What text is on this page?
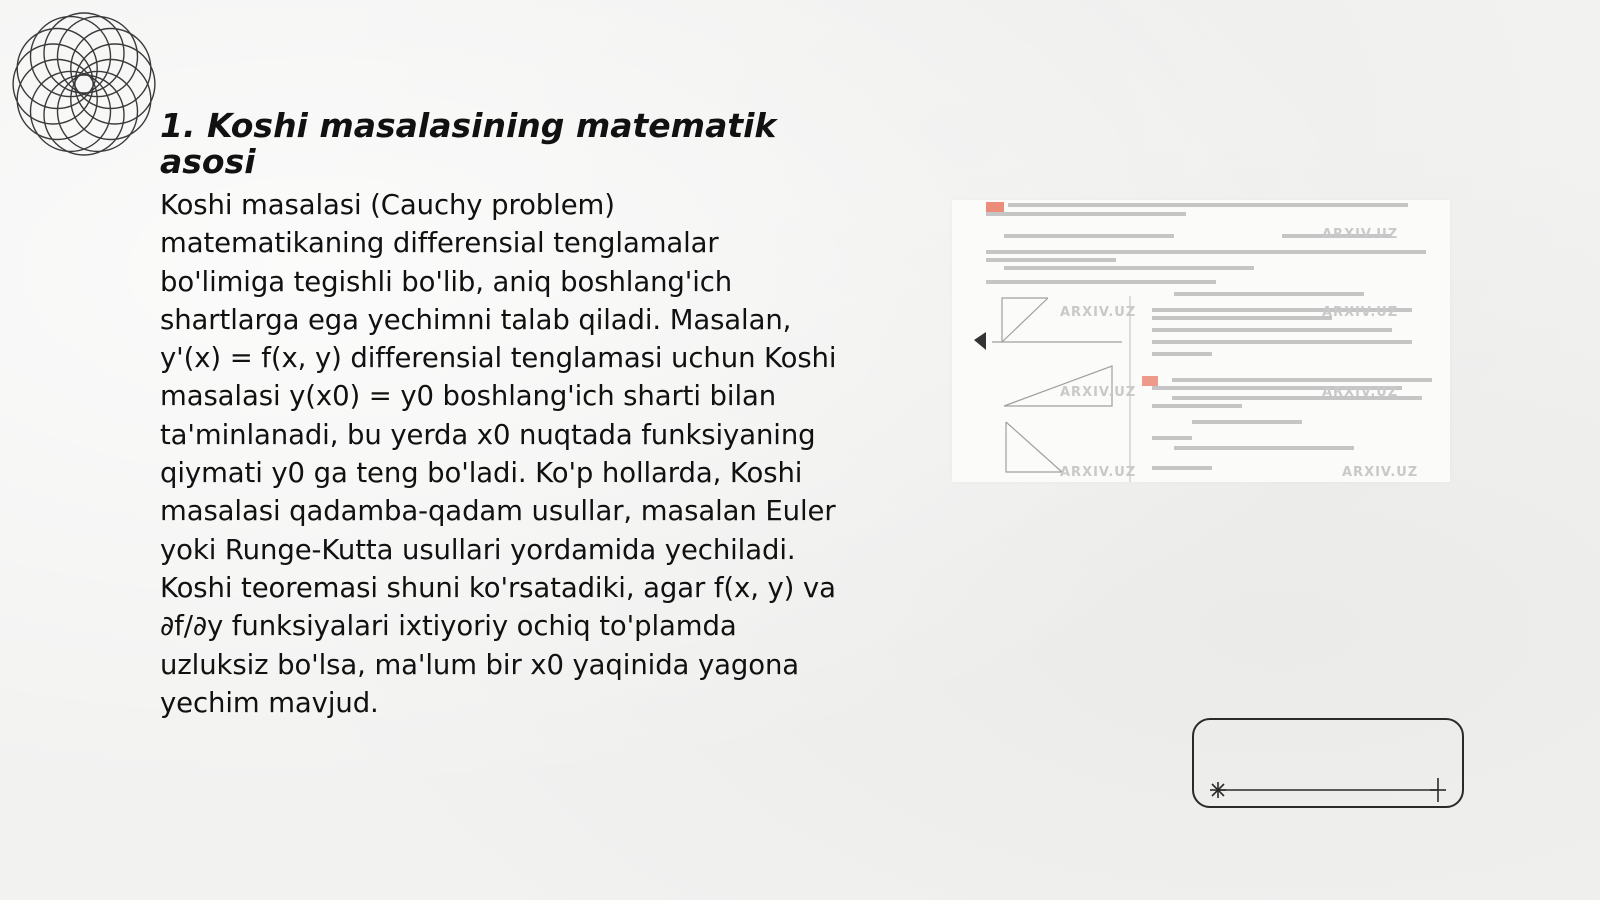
1. Koshi masalasining matematik asosi

Koshi masalasi (Cauchy problem) matematikaning differensial tenglamalar bo'limiga tegishli bo'lib, aniq boshlang'ich shartlarga ega yechimni talab qiladi. Masalan, y'(x) = f(x, y) differensial tenglamasi uchun Koshi masalasi y(x0) = y0 boshlang'ich sharti bilan ta'minlanadi, bu yerda x0 nuqtada funksiyaning qiymati y0 ga teng bo'ladi. Ko'p hollarda, Koshi masalasi qadamba-qadam usullar, masalan Euler yoki Runge-Kutta usullari yordamida yechiladi. Koshi teoremasi shuni ko'rsatadiki, agar f(x, y) va ∂f/∂y funksiyalari ixtiyoriy ochiq to'plamda uzluksiz bo'lsa, ma'lum bir x0 yaqinida yagona yechim mavjud.

ARXIV.UZ
ARXIV.UZ	ARXIV.UZ
ARXIV.UZ	ARXIV.UZ
ARXIV.UZ	ARXIV.UZ
